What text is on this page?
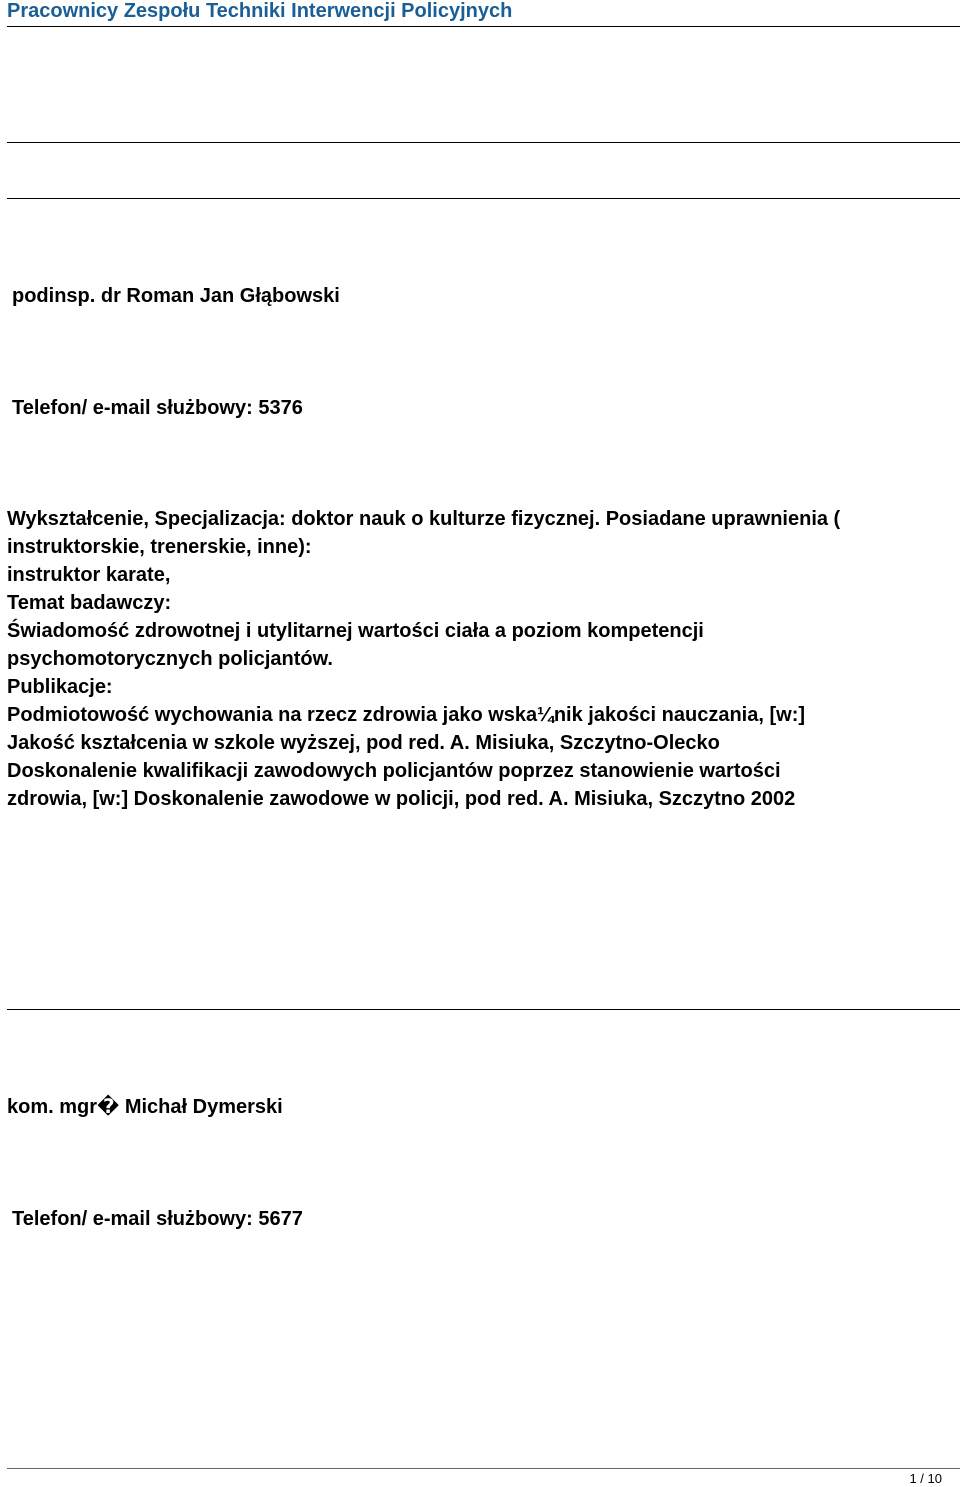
Pracownicy Zespołu Techniki Interwencji Policyjnych
podinsp. dr Roman Jan Głąbowski
Telefon/ e-mail służbowy: 5376
Wykształcenie, Specjalizacja: doktor nauk o kulturze fizycznej. Posiadane uprawnienia (
instruktorskie, trenerskie, inne):
instruktor karate,
Temat badawczy:
Świadomość zdrowotnej i utylitarnej wartości ciała a poziom kompetencji
psychomotorycznych policjantów.
Publikacje:
Podmiotowość wychowania na rzecz zdrowia jako wska¼nik jakości nauczania, [w:]
Jakość kształcenia w szkole wyższej, pod red. A. Misiuka, Szczytno-Olecko
Doskonalenie kwalifikacji zawodowych policjantów poprzez stanowienie wartości
zdrowia, [w:] Doskonalenie zawodowe w policji, pod red. A. Misiuka, Szczytno 2002
kom. mgr� Michał Dymerski
Telefon/ e-mail służbowy: 5677
1 / 10
